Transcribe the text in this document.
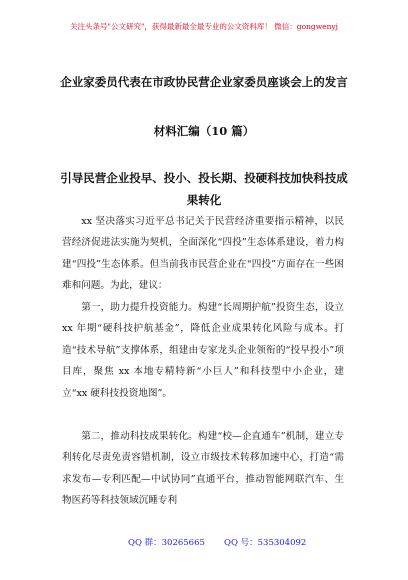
关注头条号"公文研究"，获得最新最全最专业的公文资料库！ 微信：gongwenyj
企业家委员代表在市政协民营企业家委员座谈会上的发言
材料汇编（10 篇）
引导民营企业投早、投小、投长期、投硬科技加快科技成
果转化

xx 坚决落实习近平总书记关于民营经济重要指示精神，以民营经济促进法实施为契机，全面深化“四投”生态体系建设，着力构建“四投”生态体系。但当前我市民营企业在“四投”方面存在一些困难和问题。为此，建议：

第一，助力提升投资能力。构建“长周期护航”投资生态，设立 xx 年期“硬科技护航基金”，降低企业成果转化风险与成本。打造“技术导航”支撑体系，组建由专家龙头企业领衔的“投早投小”项目库，聚焦 xx 本地专精特新“小巨人”和科技型中小企业，建立“xx 硬科技投资地图”。

第二，推动科技成果转化。构建“校—企直通车”机制，建立专利转化尽责免责容错机制，设立市级技术转移加速中心，打造“需求发布—专利匹配—中试协同”直通平台，推动智能网联汽车、生物医药等科技领域沉睡专利

QQ 群：30265665 QQ 号：535304092
